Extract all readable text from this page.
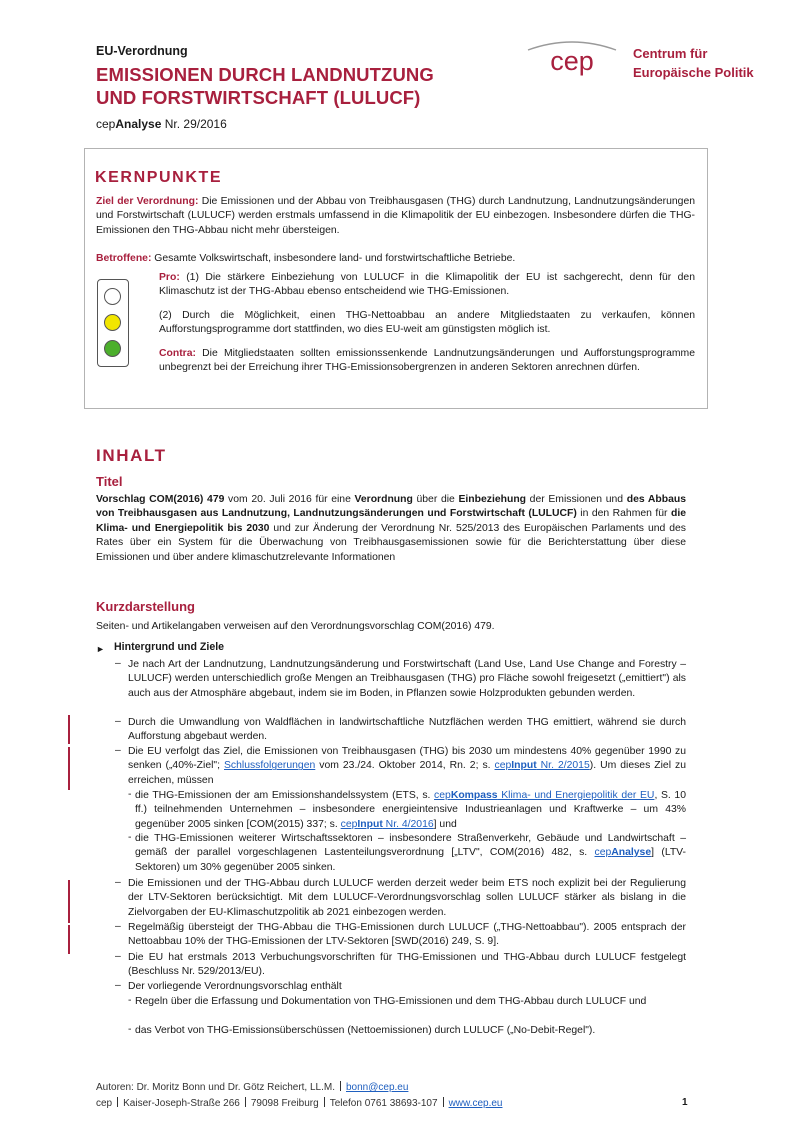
EU-Verordnung
EMISSIONEN DURCH LANDNUTZUNG
UND FORSTWIRTSCHAFT (LULUCF)
cepAnalyse Nr. 29/2016
cep	Centrum für
Europäische Politik
KERNPUNKTE
Ziel der Verordnung: Die Emissionen und der Abbau von Treibhausgasen (THG) durch Landnutzung, Landnutzungsänderungen und Forstwirtschaft (LULUCF) werden erstmals umfassend in die Klimapolitik der EU einbezogen. Insbesondere dürfen die THG-Emissionen den THG-Abbau nicht mehr übersteigen.
Betroffene: Gesamte Volkswirtschaft, insbesondere land- und forstwirtschaftliche Betriebe.
Pro: (1) Die stärkere Einbeziehung von LULUCF in die Klimapolitik der EU ist sachgerecht, denn für den Klimaschutz ist der THG-Abbau ebenso entscheidend wie THG-Emissionen.
(2) Durch die Möglichkeit, einen THG-Nettoabbau an andere Mitgliedstaaten zu verkaufen, können Aufforstungsprogramme dort stattfinden, wo dies EU-weit am günstigsten möglich ist.
Contra: Die Mitgliedstaaten sollten emissionssenkende Landnutzungsänderungen und Aufforstungsprogramme unbegrenzt bei der Erreichung ihrer THG-Emissionsobergrenzen in anderen Sektoren anrechnen dürfen.
INHALT
Titel
Vorschlag COM(2016) 479 vom 20. Juli 2016 für eine Verordnung über die Einbeziehung der Emissionen und des Abbaus von Treibhausgasen aus Landnutzung, Landnutzungsänderungen und Forstwirtschaft (LULUCF) in den Rahmen für die Klima- und Energiepolitik bis 2030 und zur Änderung der Verordnung Nr. 525/2013 des Europäischen Parlaments und des Rates über ein System für die Überwachung von Treibhausgasemissionen sowie für die Berichterstattung über diese Emissionen und über andere klimaschutzrelevante Informationen
Kurzdarstellung
Seiten- und Artikelangaben verweisen auf den Verordnungsvorschlag COM(2016) 479.
► Hintergrund und Ziele
– Je nach Art der Landnutzung, Landnutzungsänderung und Forstwirtschaft (Land Use, Land Use Change and Forestry – LULUCF) werden unterschiedlich große Mengen an Treibhausgasen (THG) pro Fläche sowohl freigesetzt („emittiert") als auch aus der Atmosphäre abgebaut, indem sie im Boden, in Pflanzen sowie Holzprodukten gebunden werden.
– Durch die Umwandlung von Waldflächen in landwirtschaftliche Nutzflächen werden THG emittiert, während sie durch Aufforstung abgebaut werden.
– Die EU verfolgt das Ziel, die Emissionen von Treibhausgasen (THG) bis 2030 um mindestens 40% gegenüber 1990 zu senken („40%-Ziel"; Schlussfolgerungen vom 23./24. Oktober 2014, Rn. 2; s. cepInput Nr. 2/2015). Um dieses Ziel zu erreichen, müssen
- die THG-Emissionen der am Emissionshandelssystem (ETS, s. cepKompass Klima- und Energiepolitik der EU, S. 10 ff.) teilnehmenden Unternehmen – insbesondere energieintensive Industrieanlagen und Kraftwerke – um 43% gegenüber 2005 sinken [COM(2015) 337; s. cepInput Nr. 4/2016] und
- die THG-Emissionen weiterer Wirtschaftssektoren – insbesondere Straßenverkehr, Gebäude und Landwirtschaft – gemäß der parallel vorgeschlagenen Lastenteilungsverordnung [„LTV", COM(2016) 482, s. cepAnalyse] (LTV-Sektoren) um 30% gegenüber 2005 sinken.
– Die Emissionen und der THG-Abbau durch LULUCF werden derzeit weder beim ETS noch explizit bei der Regulierung der LTV-Sektoren berücksichtigt. Mit dem LULUCF-Verordnungsvorschlag sollen LULUCF stärker als bislang in die Zielvorgaben der EU-Klimaschutzpolitik ab 2021 einbezogen werden.
– Regelmäßig übersteigt der THG-Abbau die THG-Emissionen durch LULUCF („THG-Nettoabbau"). 2005 entsprach der Nettoabbau 10% der THG-Emissionen der LTV-Sektoren [SWD(2016) 249, S. 9].
– Die EU hat erstmals 2013 Verbuchungsvorschriften für THG-Emissionen und THG-Abbau durch LULUCF festgelegt (Beschluss Nr. 529/2013/EU).
– Der vorliegende Verordnungsvorschlag enthält
- Regeln über die Erfassung und Dokumentation von THG-Emissionen und dem THG-Abbau durch LULUCF und
- das Verbot von THG-Emissionsüberschüssen (Nettoemissionen) durch LULUCF („No-Debit-Regel").
Autoren: Dr. Moritz Bonn und Dr. Götz Reichert, LL.M. bonn@cep.eu
cep Kaiser-Joseph-Straße 266 79098 Freiburg Telefon 0761 38693-107 www.cep.eu	1
